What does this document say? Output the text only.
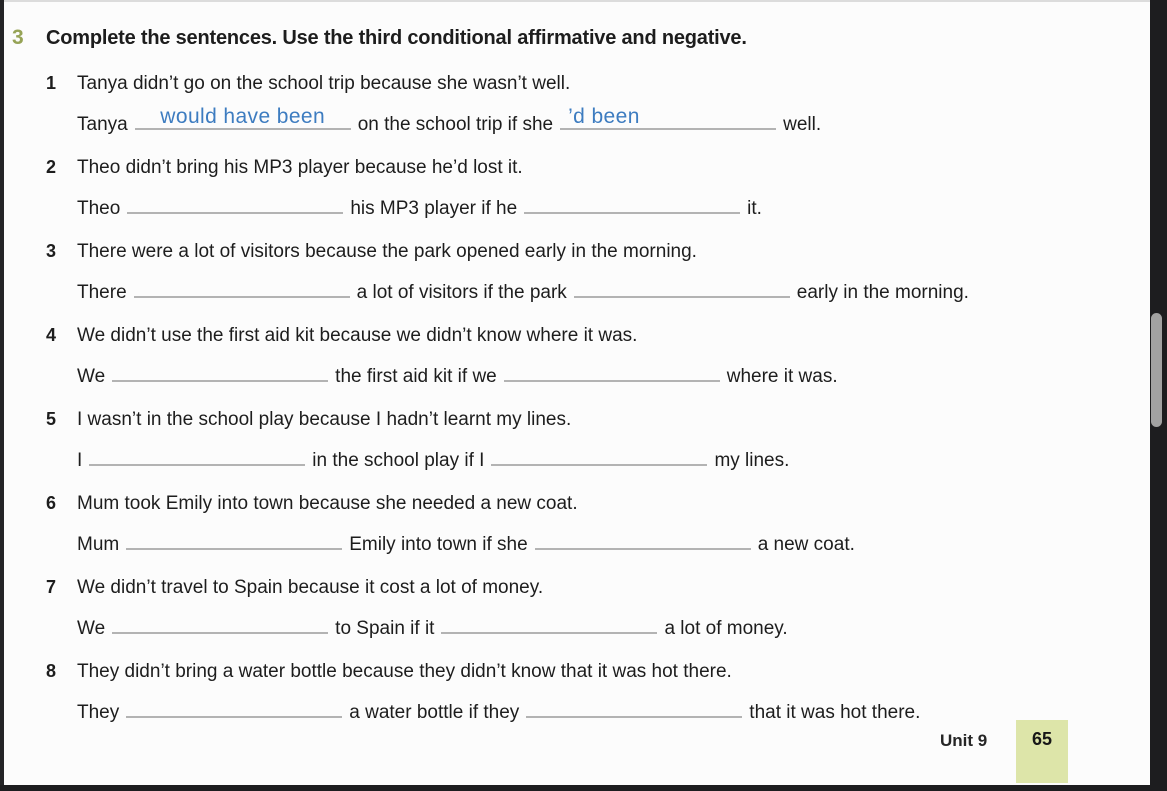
3	Complete the sentences. Use the third conditional affirmative and negative.
1	Tanya didn’t go on the school trip because she wasn’t well.
Tanya	would have been	on the school trip if she ’d been	well.
2	Theo didn’t bring his MP3 player because he’d lost it.
Theo	his MP3 player if he	it.
3	There were a lot of visitors because the park opened early in the morning.
There	a lot of visitors if the park	early in the morning.
4	We didn’t use the first aid kit because we didn’t know where it was.
We	the first aid kit if we	where it was.
5	I wasn’t in the school play because I hadn’t learnt my lines.
I	in the school play if I	my lines.
6	Mum took Emily into town because she needed a new coat.
Mum	Emily into town if she	a new coat.
7	We didn’t travel to Spain because it cost a lot of money.
We	to Spain if it	a lot of money.
8	They didn’t bring a water bottle because they didn’t know that it was hot there.
They	a water bottle if they	that it was hot there.
Unit 9	65
